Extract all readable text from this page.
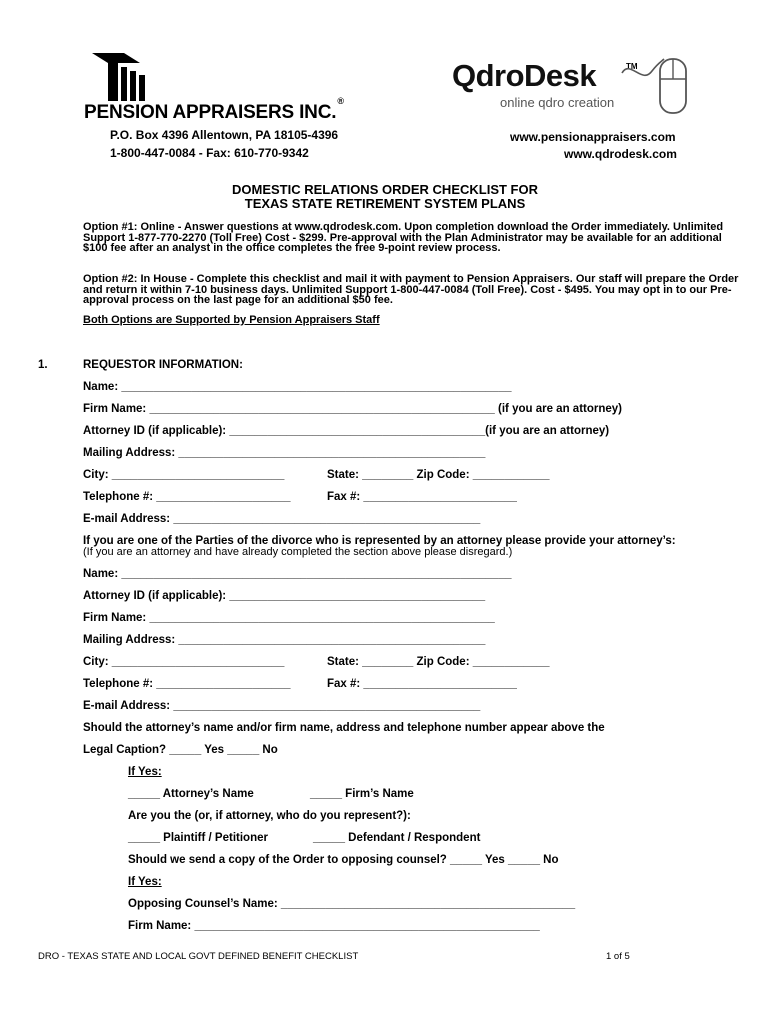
PENSION APPRAISERS INC.®
P.O. Box 4396 Allentown, PA 18105-4396
1-800-447-0084 - Fax: 610-770-9342
QdroDesk	TM
online qdro creation
www.pensionappraisers.com
www.qdrodesk.com
DOMESTIC RELATIONS ORDER CHECKLIST FOR
TEXAS STATE RETIREMENT SYSTEM PLANS
Option #1: Online - Answer questions at www.qdrodesk.com. Upon completion download the Order immediately. Unlimited Support 1-877-770-2270 (Toll Free) Cost - $299. Pre-approval with the Plan Administrator may be available for an additional $100 fee after an analyst in the office completes the free 9-point review process.
Option #2: In House - Complete this checklist and mail it with payment to Pension Appraisers. Our staff will prepare the Order and return it within 7-10 business days. Unlimited Support 1-800-447-0084 (Toll Free). Cost - $495. You may opt in to our Pre-approval process on the last page for an additional $50 fee.
Both Options are Supported by Pension Appraisers Staff
1.	REQUESTOR INFORMATION:
Name: _____________________________________________________________
Firm Name: ______________________________________________________ (if you are an attorney)
Attorney ID (if applicable): ________________________________________(if you are an attorney)
Mailing Address: ________________________________________________
City: ___________________________	State: ________ Zip Code: ____________
Telephone #: _____________________	Fax #: ________________________
E-mail Address: ________________________________________________
If you are one of the Parties of the divorce who is represented by an attorney please provide your attorney’s:
(If you are an attorney and have already completed the section above please disregard.)
Name: _____________________________________________________________
Attorney ID (if applicable): ________________________________________
Firm Name: ______________________________________________________
Mailing Address: ________________________________________________
City: ___________________________	State: ________ Zip Code: ____________
Telephone #: _____________________	Fax #: ________________________
E-mail Address: ________________________________________________
Should the attorney’s name and/or firm name, address and telephone number appear above the
Legal Caption? _____ Yes _____ No
If Yes:
_____ Attorney’s Name	_____ Firm’s Name
Are you the (or, if attorney, who do you represent?):
_____ Plaintiff / Petitioner	_____ Defendant / Respondent
Should we send a copy of the Order to opposing counsel? _____ Yes _____ No
If Yes:
Opposing Counsel’s Name: ______________________________________________
Firm Name: ______________________________________________________
DRO - TEXAS STATE AND LOCAL GOVT DEFINED BENEFIT CHECKLIST	1 of 5
